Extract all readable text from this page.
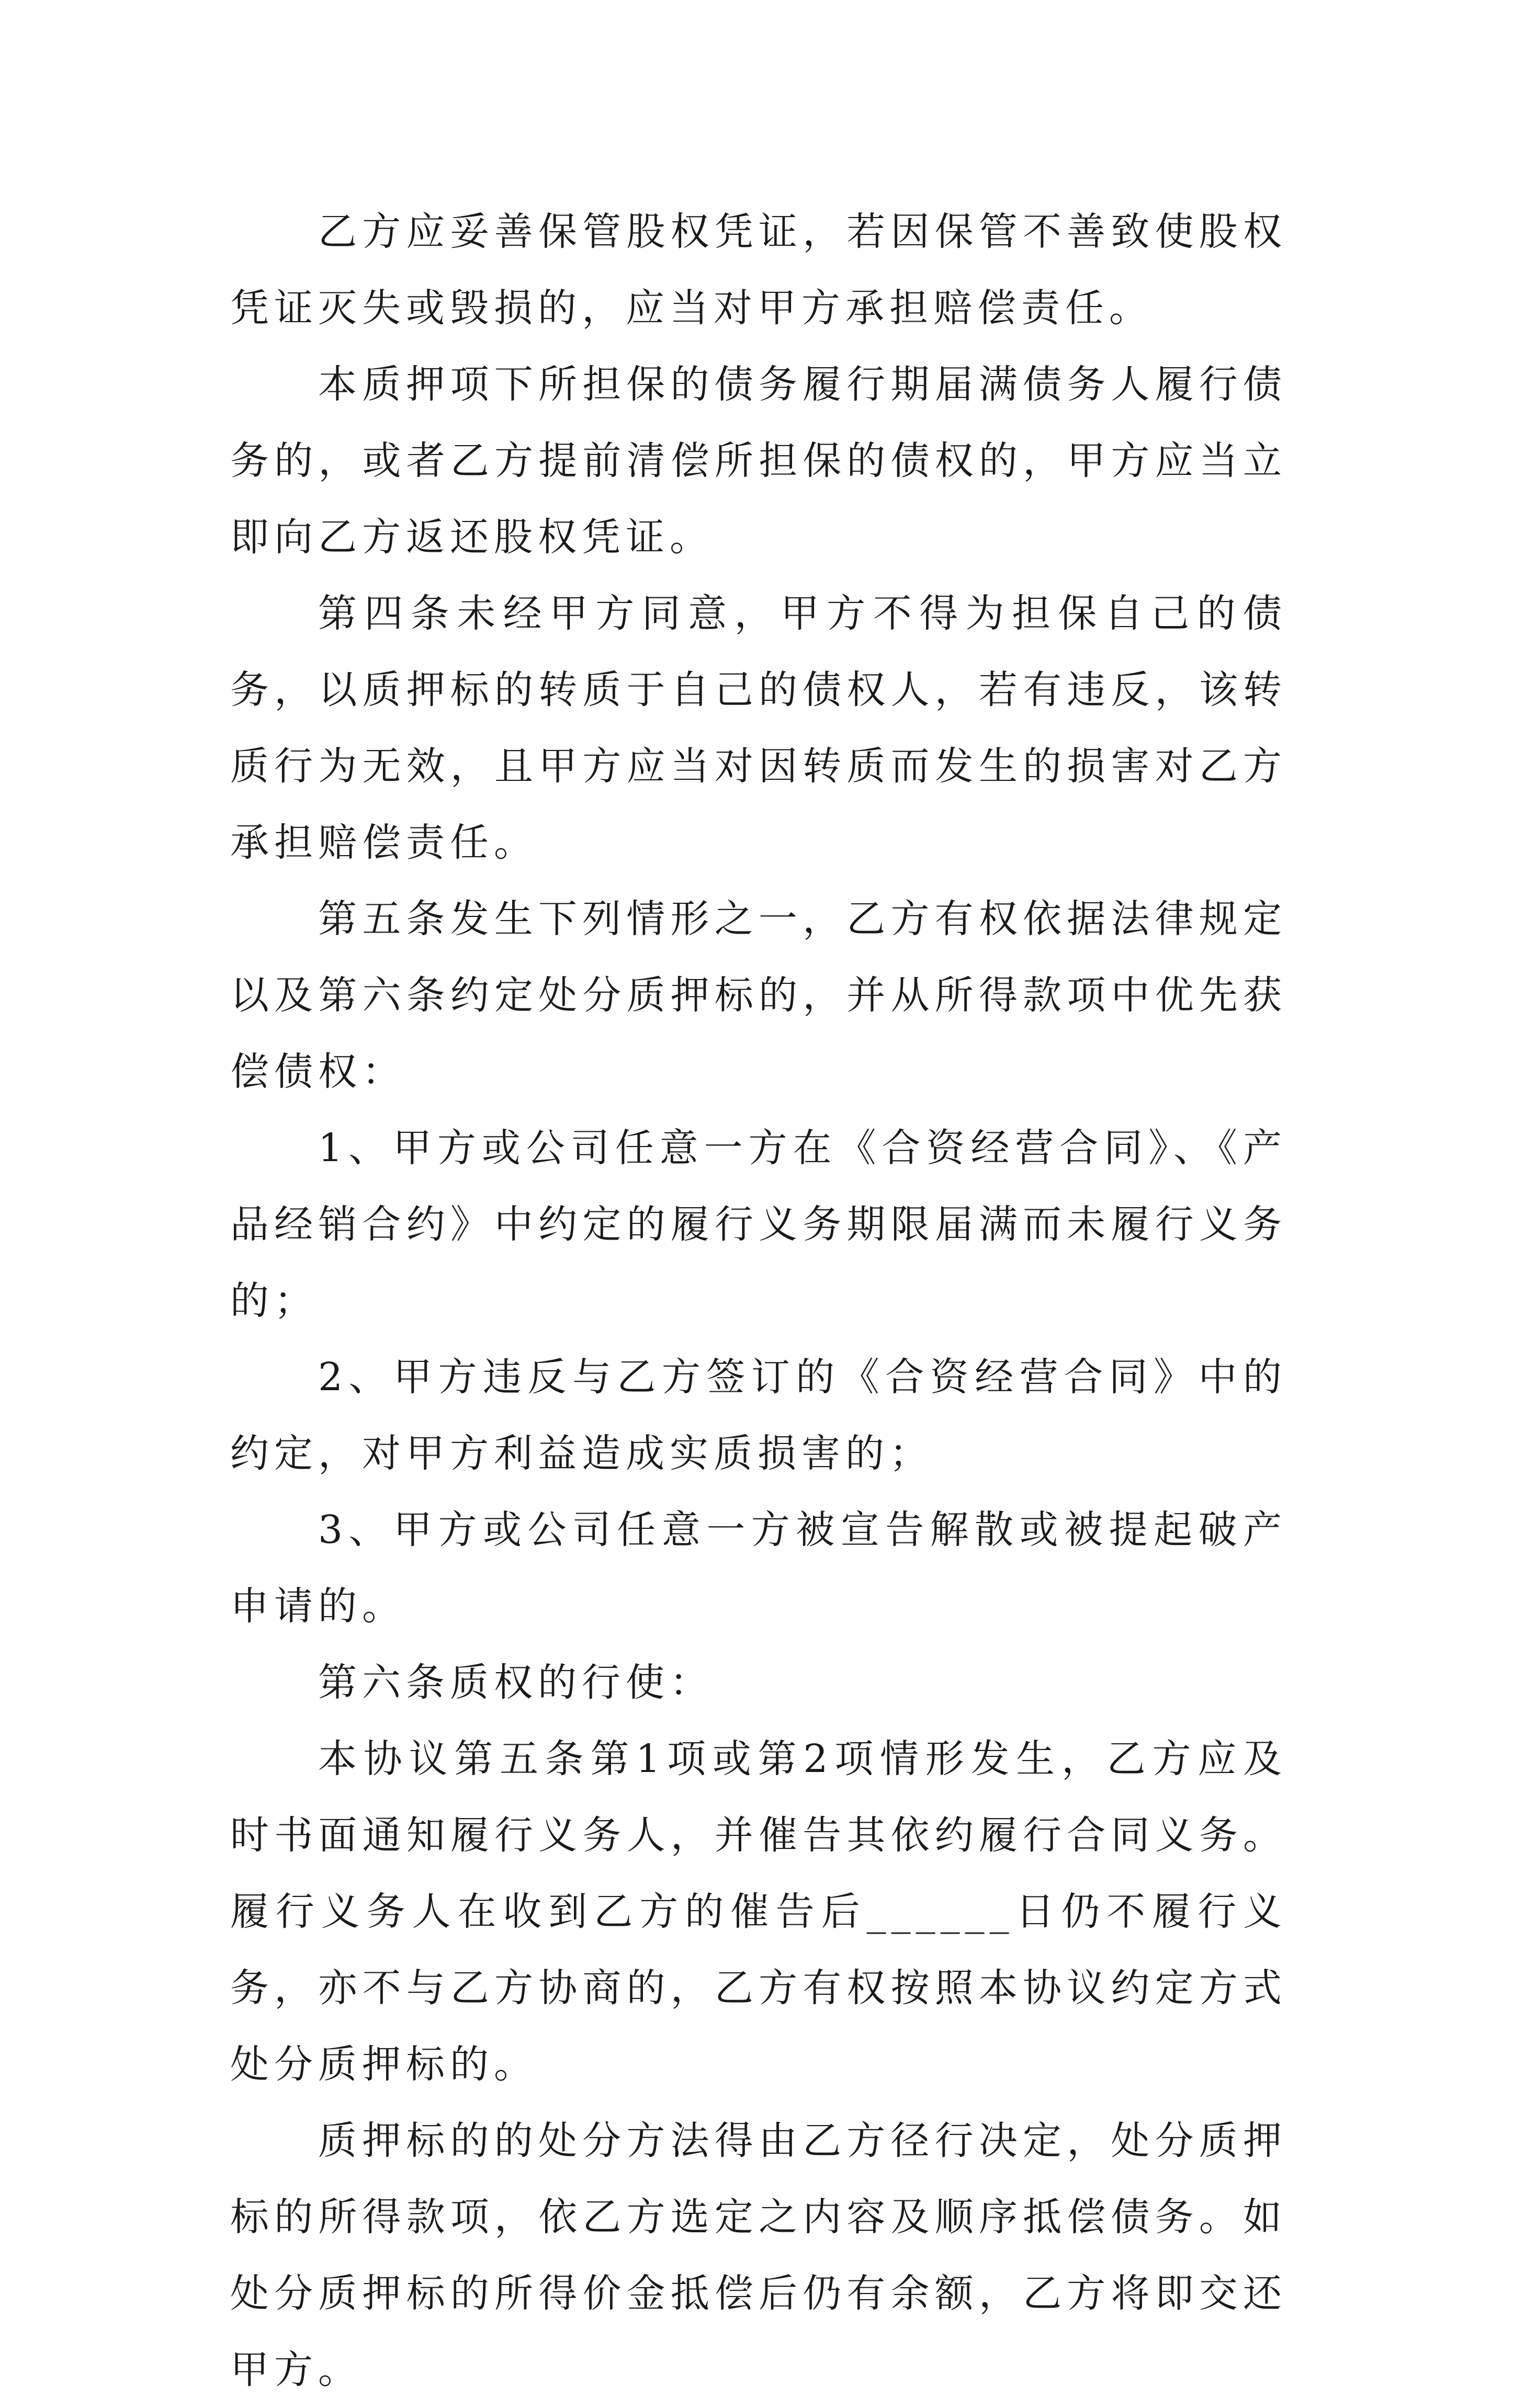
乙方应妥善保管股权凭证，若因保管不善致使股权凭证灭失或毁损的，应当对甲方承担赔偿责任。

本质押项下所担保的债务履行期届满债务人履行债务的，或者乙方提前清偿所担保的债权的，甲方应当立即向乙方返还股权凭证。

第四条未经甲方同意，甲方不得为担保自己的债务，以质押标的转质于自己的债权人，若有违反，该转质行为无效，且甲方应当对因转质而发生的损害对乙方承担赔偿责任。

第五条发生下列情形之一，乙方有权依据法律规定以及第六条约定处分质押标的，并从所得款项中优先获偿债权：

1、甲方或公司任意一方在《合资经营合同》、《产品经销合约》中约定的履行义务期限届满而未履行义务的；

2、甲方违反与乙方签订的《合资经营合同》中的约定，对甲方利益造成实质损害的；

3、甲方或公司任意一方被宣告解散或被提起破产申请的。

第六条质权的行使：

本协议第五条第1项或第2项情形发生，乙方应及时书面通知履行义务人，并催告其依约履行合同义务。履行义务人在收到乙方的催告后______日仍不履行义务，亦不与乙方协商的，乙方有权按照本协议约定方式处分质押标的。

质押标的的处分方法得由乙方径行决定，处分质押标的所得款项，依乙方选定之内容及顺序抵偿债务。如处分质押标的所得价金抵偿后仍有余额，乙方将即交还甲方。
